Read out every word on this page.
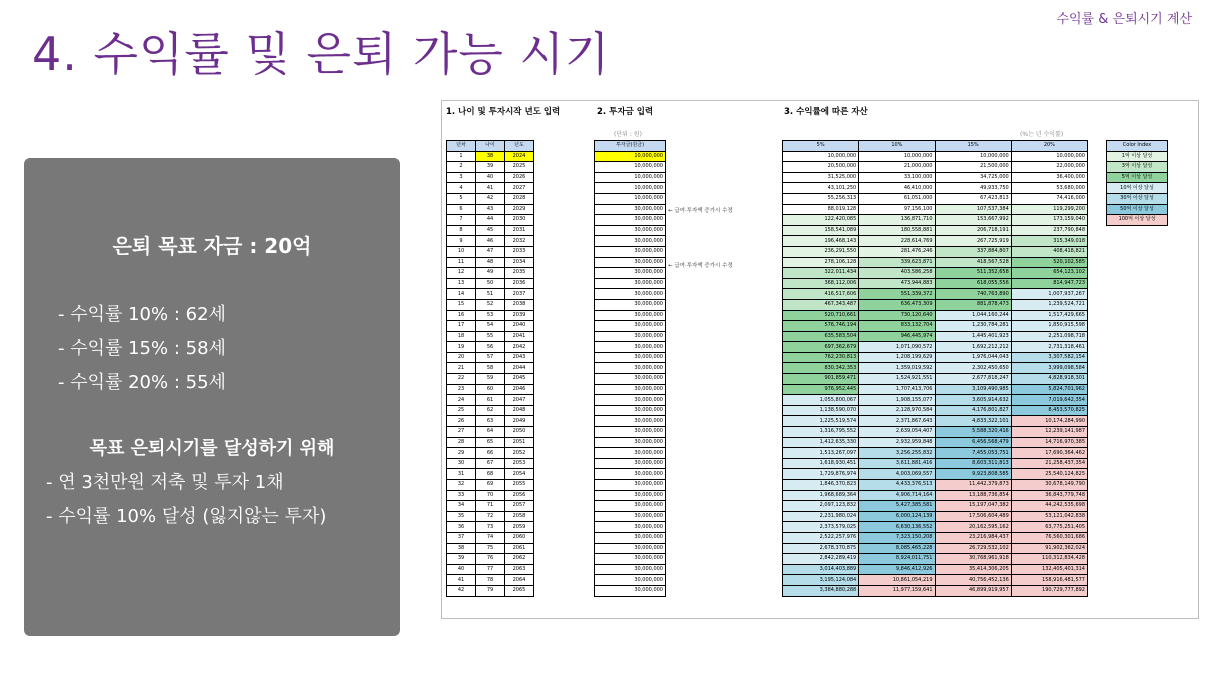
수익률 & 은퇴시기 계산
4. 수익률 및 은퇴 가능 시기
은퇴 목표 자금 : 20억
- 수익률 10% : 62세
- 수익률 15% : 58세
- 수익률 20% : 55세
목표 은퇴시기를 달성하기 위해
- 연 3천만원 저축 및 투자 1채
- 수익률 10% 달성 (잃지않는 투자)
1. 나이 및 투자시작 년도 입력	2. 투자금 입력	3. 수익률에 따른 자산
(단위 : 원)	(%는 년 수익률)
년차	나이	년도
1	38	2024
2	39	2025
3	40	2026
4	41	2027
5	42	2028
6	43	2029
7	44	2030
8	45	2031
9	46	2032
10	47	2033
11	48	2034
12	49	2035
13	50	2036
14	51	2037
15	52	2038
16	53	2039
17	54	2040
18	55	2041
19	56	2042
20	57	2043
21	58	2044
22	59	2045
23	60	2046
24	61	2047
25	62	2048
26	63	2049
27	64	2050
28	65	2051
29	66	2052
30	67	2053
31	68	2054
32	69	2055
33	70	2056
34	71	2057
35	72	2058
36	73	2059
37	74	2060
38	75	2061
39	76	2062
40	77	2063
41	78	2064
42	79	2065
투자금(원금)
10,000,000
10,000,000
10,000,000
10,000,000
10,000,000
30,000,000
30,000,000
30,000,000
30,000,000
30,000,000
30,000,000
30,000,000
30,000,000
30,000,000
30,000,000
30,000,000
30,000,000
30,000,000
30,000,000
30,000,000
30,000,000
30,000,000
30,000,000
30,000,000
30,000,000
30,000,000
30,000,000
30,000,000
30,000,000
30,000,000
30,000,000
30,000,000
30,000,000
30,000,000
30,000,000
30,000,000
30,000,000
30,000,000
30,000,000
30,000,000
30,000,000
30,000,000
← 급여·투자액 증가시 수정
← 급여·투자액 증가시 수정
5%	10%	15%	20%
10,000,000	10,000,000	10,000,000	10,000,000
20,500,000	21,000,000	21,500,000	22,000,000
31,525,000	33,100,000	34,725,000	36,400,000
43,101,250	46,410,000	49,933,750	53,680,000
55,256,313	61,051,000	67,423,813	74,416,000
88,019,128	97,156,100	107,537,384	119,299,200
122,420,085	136,871,710	153,667,992	173,159,040
158,541,089	180,558,881	206,718,191	237,790,848
196,468,143	228,614,769	267,725,919	315,349,018
236,291,550	281,476,246	337,884,807	408,418,821
278,106,128	339,623,871	418,567,528	520,102,585
322,011,434	403,586,258	511,352,658	654,123,102
368,112,006	473,944,883	618,055,556	814,947,723
416,517,606	551,339,372	740,763,890	1,007,937,267
467,343,487	636,473,309	881,878,473	1,239,524,721
520,710,661	730,120,640	1,044,160,244	1,517,429,665
576,746,194	833,132,704	1,230,784,281	1,850,915,598
635,583,504	946,445,974	1,445,401,923	2,251,098,718
697,362,679	1,071,090,572	1,692,212,212	2,731,318,461
762,230,813	1,208,199,629	1,976,044,043	3,307,582,154
830,342,353	1,359,019,592	2,302,450,650	3,999,098,584
901,859,471	1,524,921,551	2,677,818,247	4,828,918,301
976,952,445	1,707,413,706	3,109,490,985	5,824,701,962
1,055,800,067	1,908,155,077	3,605,914,632	7,019,642,354
1,138,590,070	2,128,970,584	4,176,801,827	8,453,570,825
1,225,519,574	2,371,867,643	4,833,322,101	10,174,284,990
1,316,795,552	2,639,054,407	5,588,320,416	12,239,141,987
1,412,635,330	2,932,959,848	6,456,568,479	14,716,970,385
1,513,267,097	3,256,255,832	7,455,053,751	17,690,364,462
1,618,930,451	3,611,881,416	8,603,311,813	21,258,437,354
1,729,876,974	4,003,069,557	9,923,808,585	25,540,124,825
1,846,370,823	4,433,376,513	11,442,379,873	30,678,149,790
1,968,689,364	4,906,714,164	13,188,736,854	36,843,779,748
2,097,123,832	5,427,385,581	15,197,047,382	44,242,535,698
2,231,980,024	6,000,124,139	17,506,604,489	53,121,042,838
2,373,579,025	6,630,136,552	20,162,595,162	63,775,251,405
2,522,257,976	7,323,150,208	23,216,984,437	76,560,301,686
2,678,370,875	8,085,465,228	26,729,532,102	91,902,362,024
2,842,289,419	8,924,011,751	30,768,961,918	110,312,834,428
3,014,403,889	9,846,412,926	35,414,306,205	132,405,401,314
3,195,124,084	10,861,054,219	40,756,452,136	158,916,481,577
3,384,880,288	11,977,159,641	46,899,919,957	190,729,777,892
Color Index
1억 이상 달성
3억 이상 달성
5억 이상 달성
10억 이상 달성
30억 이상 달성
50억 이상 달성
100억 이상 달성
